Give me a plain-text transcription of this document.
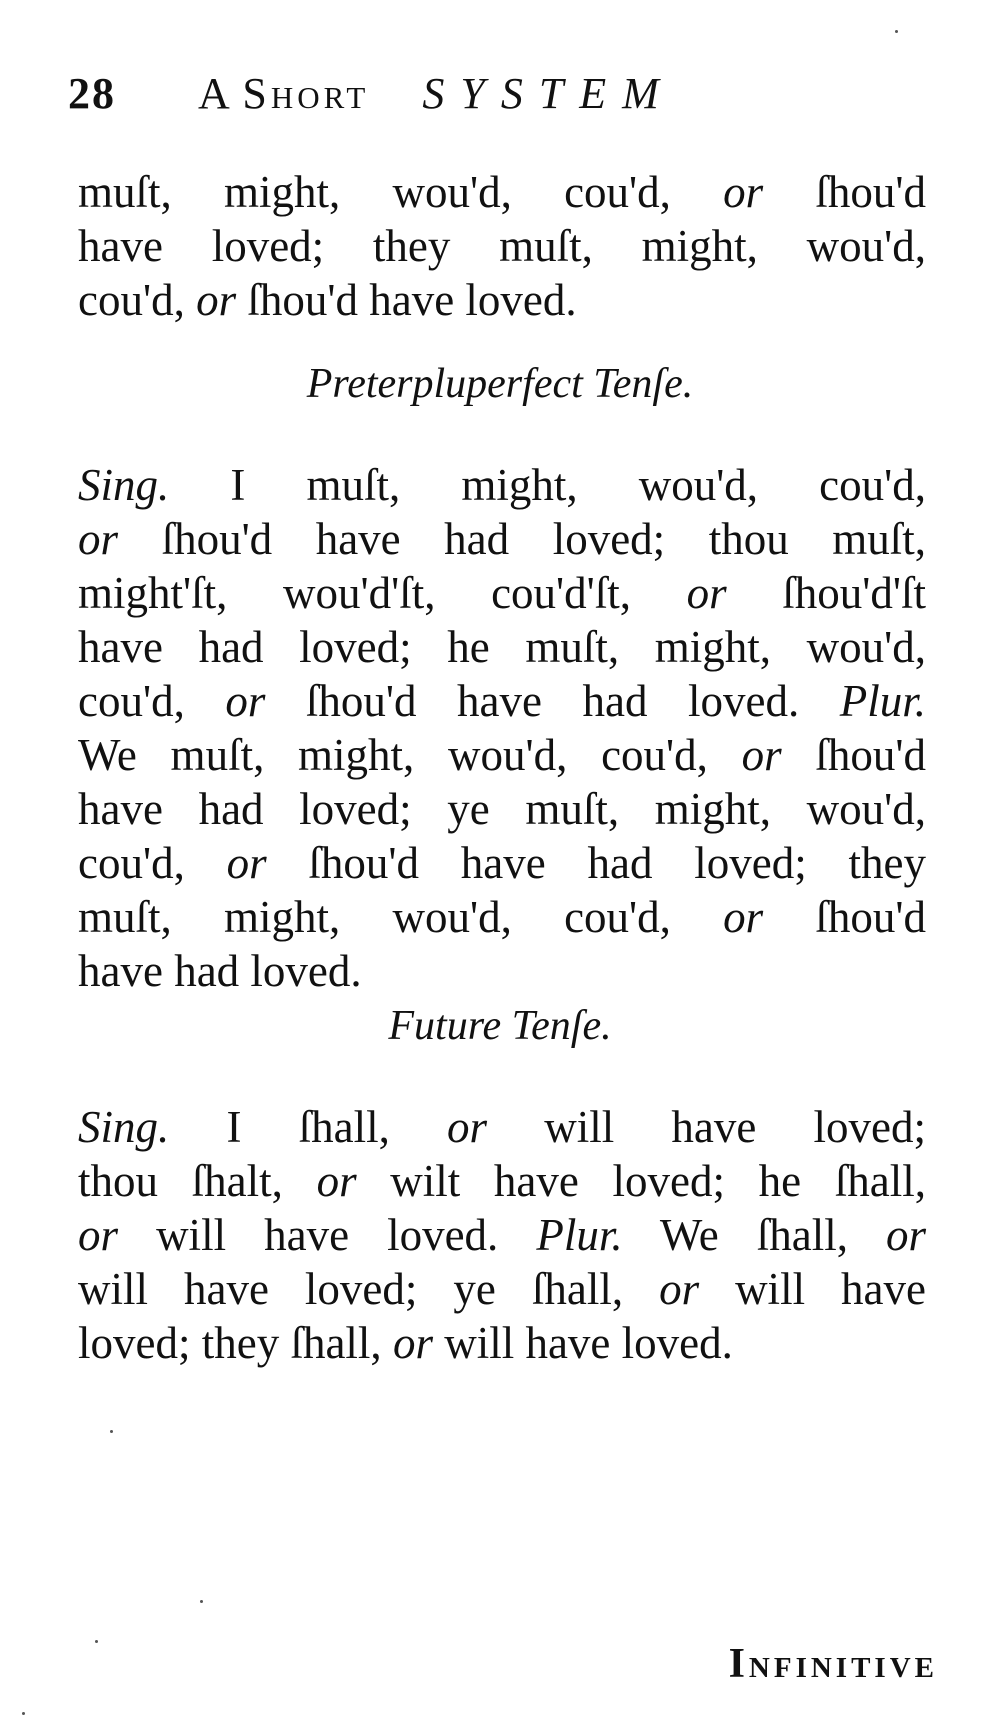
28 A Short SYSTEM
muſt, might, wou'd, cou'd, or ſhou'd
have loved; they muſt, might, wou'd,
cou'd, or ſhou'd have loved.
Preterpluperfect Tenſe.
Sing. I muſt, might, wou'd, cou'd,
or ſhou'd have had loved; thou muſt,
might'ſt, wou'd'ſt, cou'd'ſt, or ſhou'd'ſt
have had loved; he muſt, might, wou'd,
cou'd, or ſhou'd have had loved. Plur.
We muſt, might, wou'd, cou'd, or ſhou'd
have had loved; ye muſt, might, wou'd,
cou'd, or ſhou'd have had loved; they
muſt, might, wou'd, cou'd, or ſhou'd
have had loved.
Future Tenſe.
Sing. I ſhall, or will have loved;
thou ſhalt, or wilt have loved; he ſhall,
or will have loved. Plur. We ſhall, or
will have loved; ye ſhall, or will have
loved; they ſhall, or will have loved.
Infinitive
